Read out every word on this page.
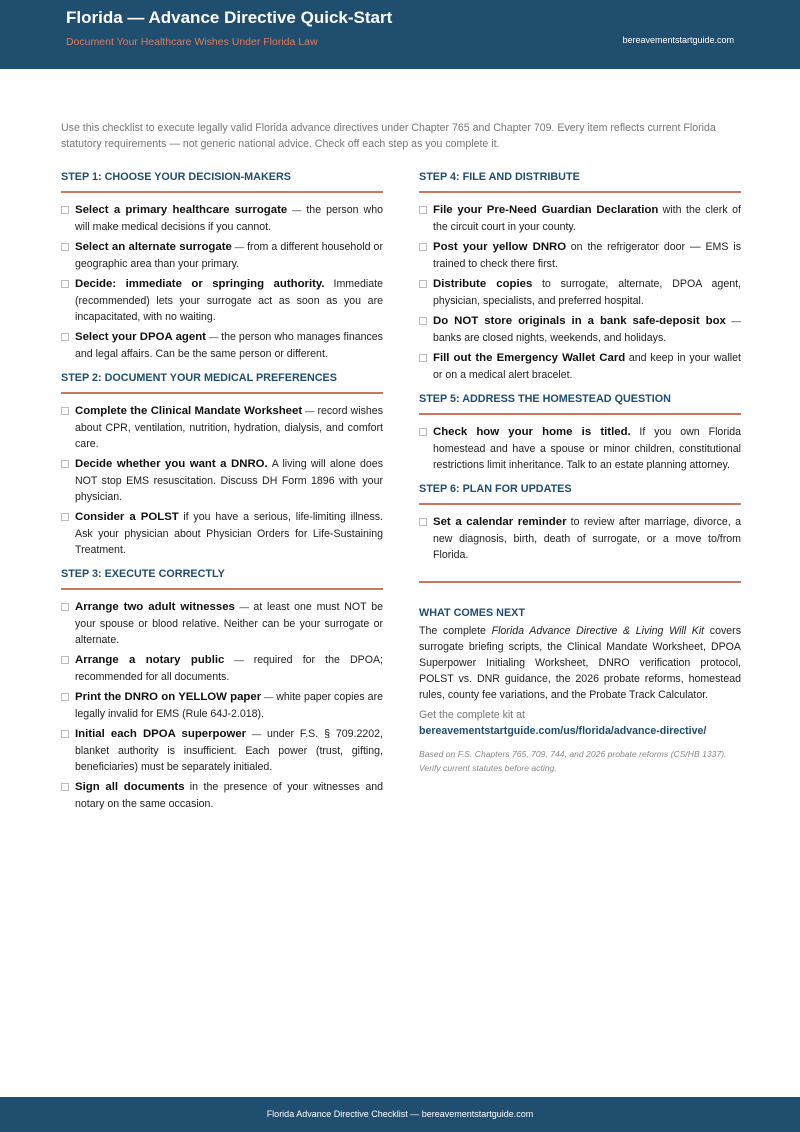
Florida — Advance Directive Quick-Start
Document Your Healthcare Wishes Under Florida Law	bereavementstartguide.com

Use this checklist to execute legally valid Florida advance directives under Chapter 765 and Chapter 709. Every item reflects current Florida statutory requirements — not generic national advice. Check off each step as you complete it.

STEP 1: CHOOSE YOUR DECISION-MAKERS
Select a primary healthcare surrogate — the person who will make medical decisions if you cannot.
Select an alternate surrogate — from a different household or geographic area than your primary.
Decide: immediate or springing authority. Immediate (recommended) lets your surrogate act as soon as you are incapacitated, with no waiting.
Select your DPOA agent — the person who manages finances and legal affairs. Can be the same person or different.
STEP 2: DOCUMENT YOUR MEDICAL PREFERENCES
Complete the Clinical Mandate Worksheet — record wishes about CPR, ventilation, nutrition, hydration, dialysis, and comfort care.
Decide whether you want a DNRO. A living will alone does NOT stop EMS resuscitation. Discuss DH Form 1896 with your physician.
Consider a POLST if you have a serious, life-limiting illness. Ask your physician about Physician Orders for Life-Sustaining Treatment.
STEP 3: EXECUTE CORRECTLY
Arrange two adult witnesses — at least one must NOT be your spouse or blood relative. Neither can be your surrogate or alternate.
Arrange a notary public — required for the DPOA; recommended for all documents.
Print the DNRO on YELLOW paper — white paper copies are legally invalid for EMS (Rule 64J-2.018).
Initial each DPOA superpower — under F.S. § 709.2202, blanket authority is insufficient. Each power (trust, gifting, beneficiaries) must be separately initialed.
Sign all documents in the presence of your witnesses and notary on the same occasion.
STEP 4: FILE AND DISTRIBUTE
File your Pre-Need Guardian Declaration with the clerk of the circuit court in your county.
Post your yellow DNRO on the refrigerator door — EMS is trained to check there first.
Distribute copies to surrogate, alternate, DPOA agent, physician, specialists, and preferred hospital.
Do NOT store originals in a bank safe-deposit box — banks are closed nights, weekends, and holidays.
Fill out the Emergency Wallet Card and keep in your wallet or on a medical alert bracelet.
STEP 5: ADDRESS THE HOMESTEAD QUESTION
Check how your home is titled. If you own Florida homestead and have a spouse or minor children, constitutional restrictions limit inheritance. Talk to an estate planning attorney.
STEP 6: PLAN FOR UPDATES
Set a calendar reminder to review after marriage, divorce, a new diagnosis, birth, death of surrogate, or a move to/from Florida.
WHAT COMES NEXT

The complete Florida Advance Directive & Living Will Kit covers surrogate briefing scripts, the Clinical Mandate Worksheet, DPOA Superpower Initialing Worksheet, DNRO verification protocol, POLST vs. DNR guidance, the 2026 probate reforms, homestead rules, county fee variations, and the Probate Track Calculator.

Get the complete kit at

bereavementstartguide.com/us/florida/advance-directive/

Based on F.S. Chapters 765, 709, 744, and 2026 probate reforms (CS/HB 1337). Verify current statutes before acting.

Florida Advance Directive Checklist — bereavementstartguide.com
